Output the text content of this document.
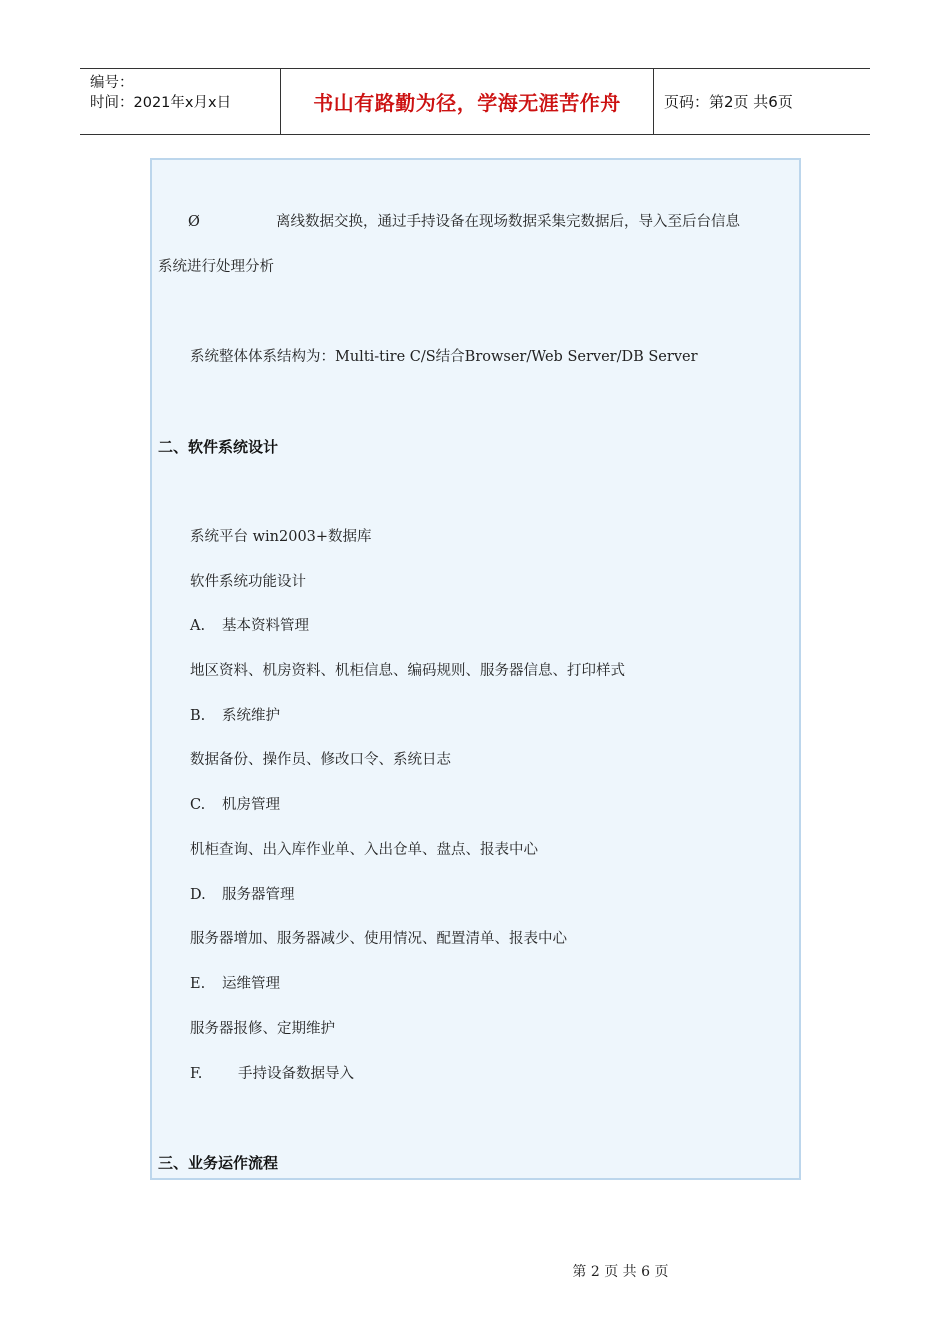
编号：
时间：2021年x月x日	书山有路勤为径，学海无涯苦作舟	页码：第2页 共6页
Ø	离线数据交换，通过手持设备在现场数据采集完数据后，导入至后台信息
系统进行处理分析
系统整体体系结构为：Multi-tire C/S结合Browser/Web Server/DB Server
二、软件系统设计
系统平台 win2003+数据库
软件系统功能设计
A. 基本资料管理
地区资料、机房资料、机柜信息、编码规则、服务器信息、打印样式
B. 系统维护
数据备份、操作员、修改口令、系统日志
C. 机房管理
机柜查询、出入库作业单、入出仓单、盘点、报表中心
D. 服务器管理
服务器增加、服务器减少、使用情况、配置清单、报表中心
E. 运维管理
服务器报修、定期维护
F. 手持设备数据导入
三、业务运作流程

第 2 页 共 6 页
